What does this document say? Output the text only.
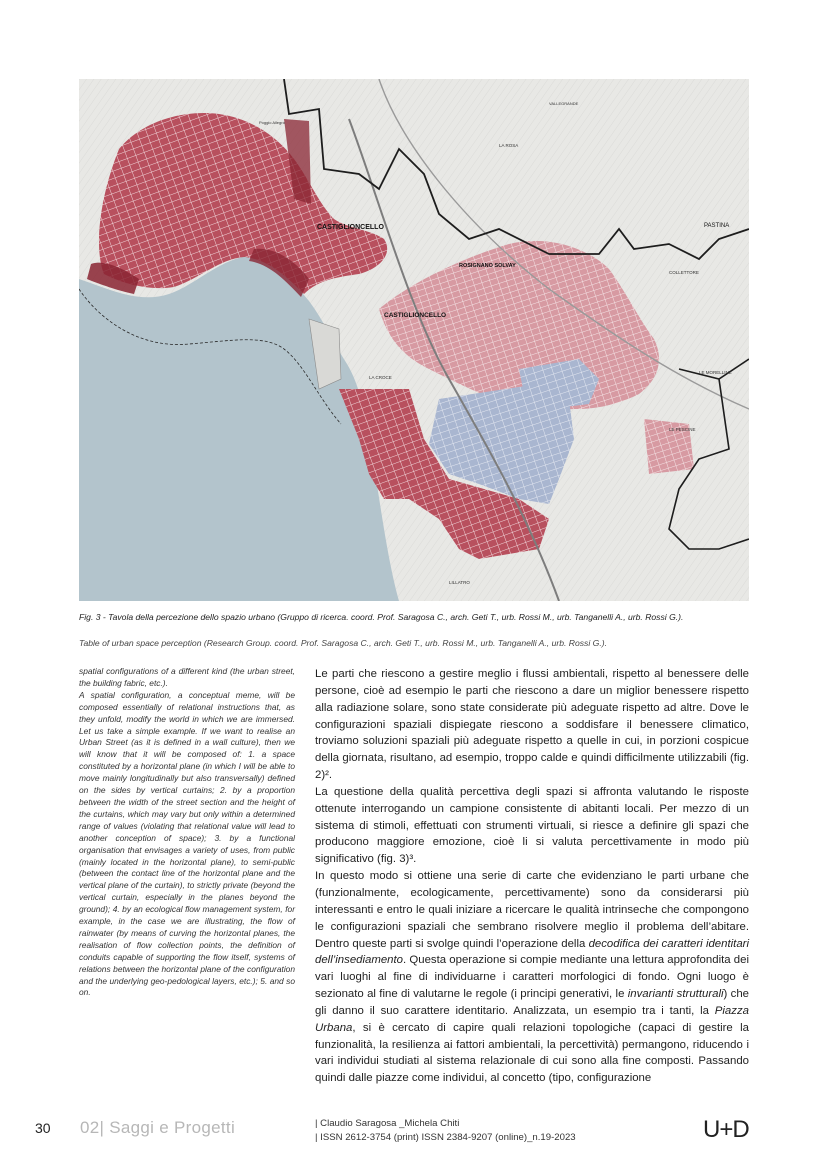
CASTIGLIONCELLO
CASTIGLIONCELLO
ROSIGNANO SOLVAY
PASTINA
COLLETTORE
LA ROSA
LA CROCE
LILLATRO
LE MORELLINE
LE PESCINE
Poggio Allegro
VALLEGRANDE
Fig. 3 - Tavola della percezione dello spazio urbano (Gruppo di ricerca. coord. Prof. Saragosa C., arch. Geti T., urb. Rossi M., urb. Tanganelli A., urb. Rossi G.).
Table of urban space perception (Research Group. coord. Prof. Saragosa C., arch. Geti T., urb. Rossi M., urb. Tanganelli A., urb. Rossi G.).

spatial configurations of a different kind (the urban street, the building fabric, etc.).

A spatial configuration, a conceptual meme, will be composed essentially of relational instructions that, as they unfold, modify the world in which we are immersed. Let us take a simple example. If we want to realise an Urban Street (as it is defined in a wall culture), then we will know that it will be composed of: 1. a space constituted by a horizontal plane (in which I will be able to move mainly longitudinally but also transversally) defined on the sides by vertical curtains; 2. by a proportion between the width of the street section and the height of the curtains, which may vary but only within a determined range of values (violating that relational value will lead to another conception of space); 3. by a functional organisation that envisages a variety of uses, from public (mainly located in the horizontal plane), to semi-public (between the contact line of the horizontal plane and the vertical plane of the curtain), to strictly private (beyond the vertical curtain, especially in the planes beyond the ground); 4. by an ecological flow management system, for example, in the case we are illustrating, the flow of rainwater (by means of curving the horizontal planes, the realisation of flow collection points, the definition of conduits capable of supporting the flow itself, systems of relations between the horizontal plane of the configuration and the underlying geo-pedological layers, etc.); 5. and so on.

Le parti che riescono a gestire meglio i flussi ambientali, rispetto al benessere delle persone, cioè ad esempio le parti che riescono a dare un miglior benessere rispetto alla radiazione solare, sono state considerate più adeguate rispetto ad altre. Dove le configurazioni spaziali dispiegate riescono a soddisfare il benessere climatico, troviamo soluzioni spaziali più adeguate rispetto a quelle in cui, in porzioni cospicue della giornata, risultano, ad esempio, troppo calde e quindi difficilmente utilizzabili (fig. 2)².

La questione della qualità percettiva degli spazi si affronta valutando le risposte ottenute interrogando un campione consistente di abitanti locali. Per mezzo di un sistema di stimoli, effettuati con strumenti virtuali, si riesce a definire gli spazi che producono maggiore emozione, cioè li si valuta percettivamente in modo più significativo (fig. 3)³.

In questo modo si ottiene una serie di carte che evidenziano le parti urbane che (funzionalmente, ecologicamente, percettivamente) sono da considerarsi più interessanti e entro le quali iniziare a ricercare le qualità intrinseche che compongono le configurazioni spaziali che sembrano risolvere meglio il problema dell’abitare. Dentro queste parti si svolge quindi l’operazione della decodifica dei caratteri identitari dell’insediamento. Questa operazione si compie mediante una lettura approfondita dei vari luoghi al fine di individuarne i caratteri morfologici di fondo. Ogni luogo è sezionato al fine di valutarne le regole (i principi generativi, le invarianti strutturali) che gli danno il suo carattere identitario. Analizzata, un esempio tra i tanti, la Piazza Urbana, si è cercato di capire quali relazioni topologiche (capaci di gestire la funzionalità, la resilienza ai fattori ambientali, la percettività) permangono, riducendo i vari individui studiati al sistema relazionale di cui sono alla fine composti. Passando quindi dalle piazze come individui, al concetto (tipo, configurazione

30 02| Saggi e Progetti	| Claudio Saragosa _Michela Chiti
| ISSN 2612-3754 (print) ISSN 2384-9207 (online)_n.19-2023	U+D
